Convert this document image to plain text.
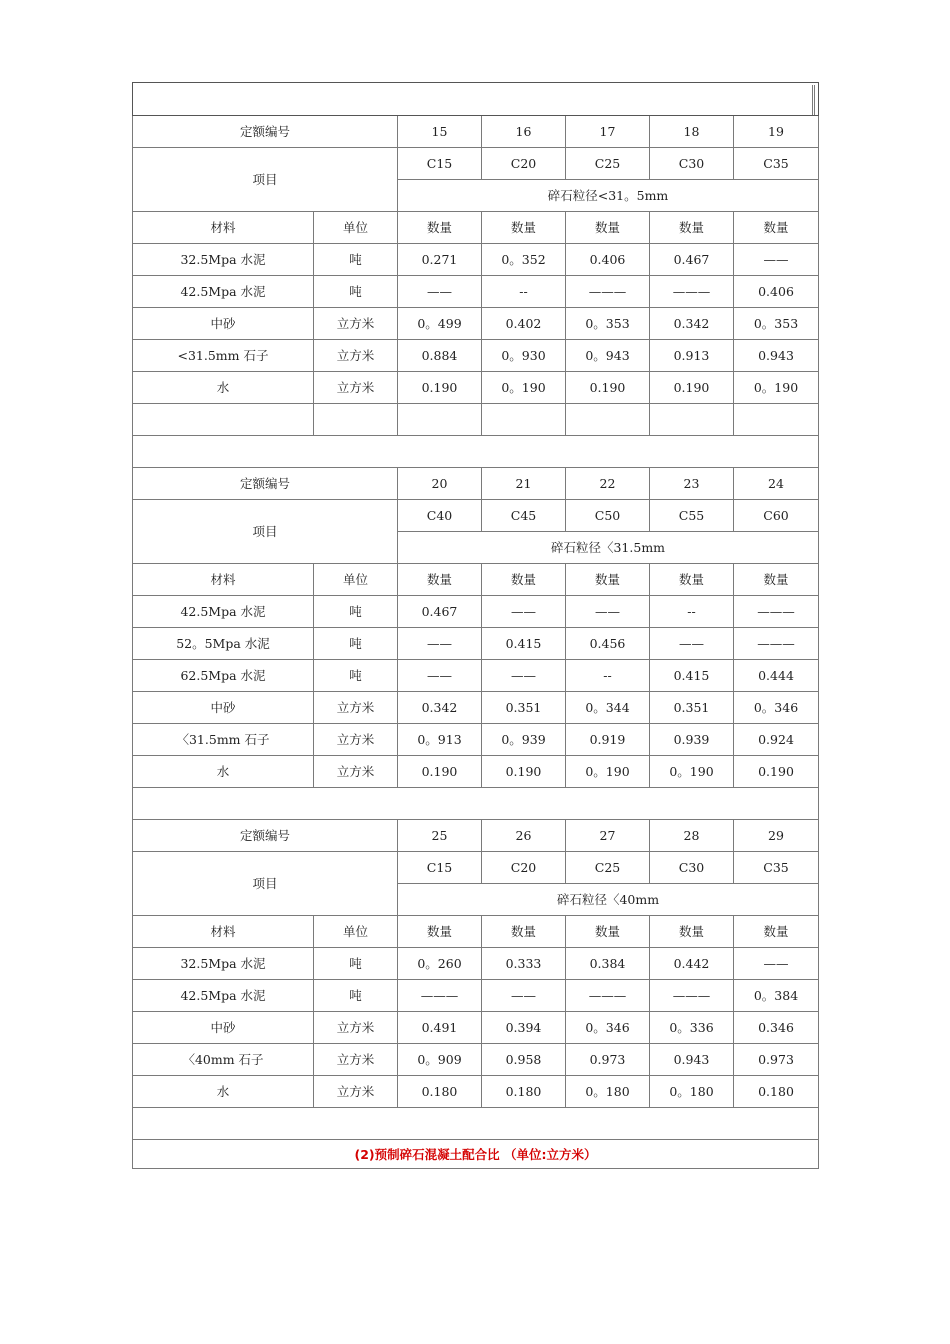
定额编号		15	16	17	18	19
项目		C15	C20	C25	C30	C35
		碎石粒径<31。5mm				
材料	单位	数量	数量	数量	数量	数量
32.5Mpa 水泥	吨	0.271	0。352	0.406	0.467	——
42.5Mpa 水泥	吨	——	--	———	———	0.406
中砂	立方米	0。499	0.402	0。353	0.342	0。353
<31.5mm 石子	立方米	0.884	0。930	0。943	0.913	0.943
水	立方米	0.190	0。190	0.190	0.190	0。190

定额编号		20	21	22	23	24
项目		C40	C45	C50	C55	C60
		碎石粒径〈31.5mm				
材料	单位	数量	数量	数量	数量	数量
42.5Mpa 水泥	吨	0.467	——	——	--	———
52。5Mpa 水泥	吨	——	0.415	0.456	——	———
62.5Mpa 水泥	吨	——	——	--	0.415	0.444
中砂	立方米	0.342	0.351	0。344	0.351	0。346
〈31.5mm 石子	立方米	0。913	0。939	0.919	0.939	0.924
水	立方米	0.190	0.190	0。190	0。190	0.190

定额编号		25	26	27	28	29
项目		C15	C20	C25	C30	C35
		碎石粒径〈40mm				
材料	单位	数量	数量	数量	数量	数量
32.5Mpa 水泥	吨	0。260	0.333	0.384	0.442	——
42.5Mpa 水泥	吨	———	——	———	———	0。384
中砂	立方米	0.491	0.394	0。346	0。336	0.346
〈40mm 石子	立方米	0。909	0.958	0.973	0.943	0.973
水	立方米	0.180	0.180	0。180	0。180	0.180

(2)预制碎石混凝土配合比 （单位:立方米）						
